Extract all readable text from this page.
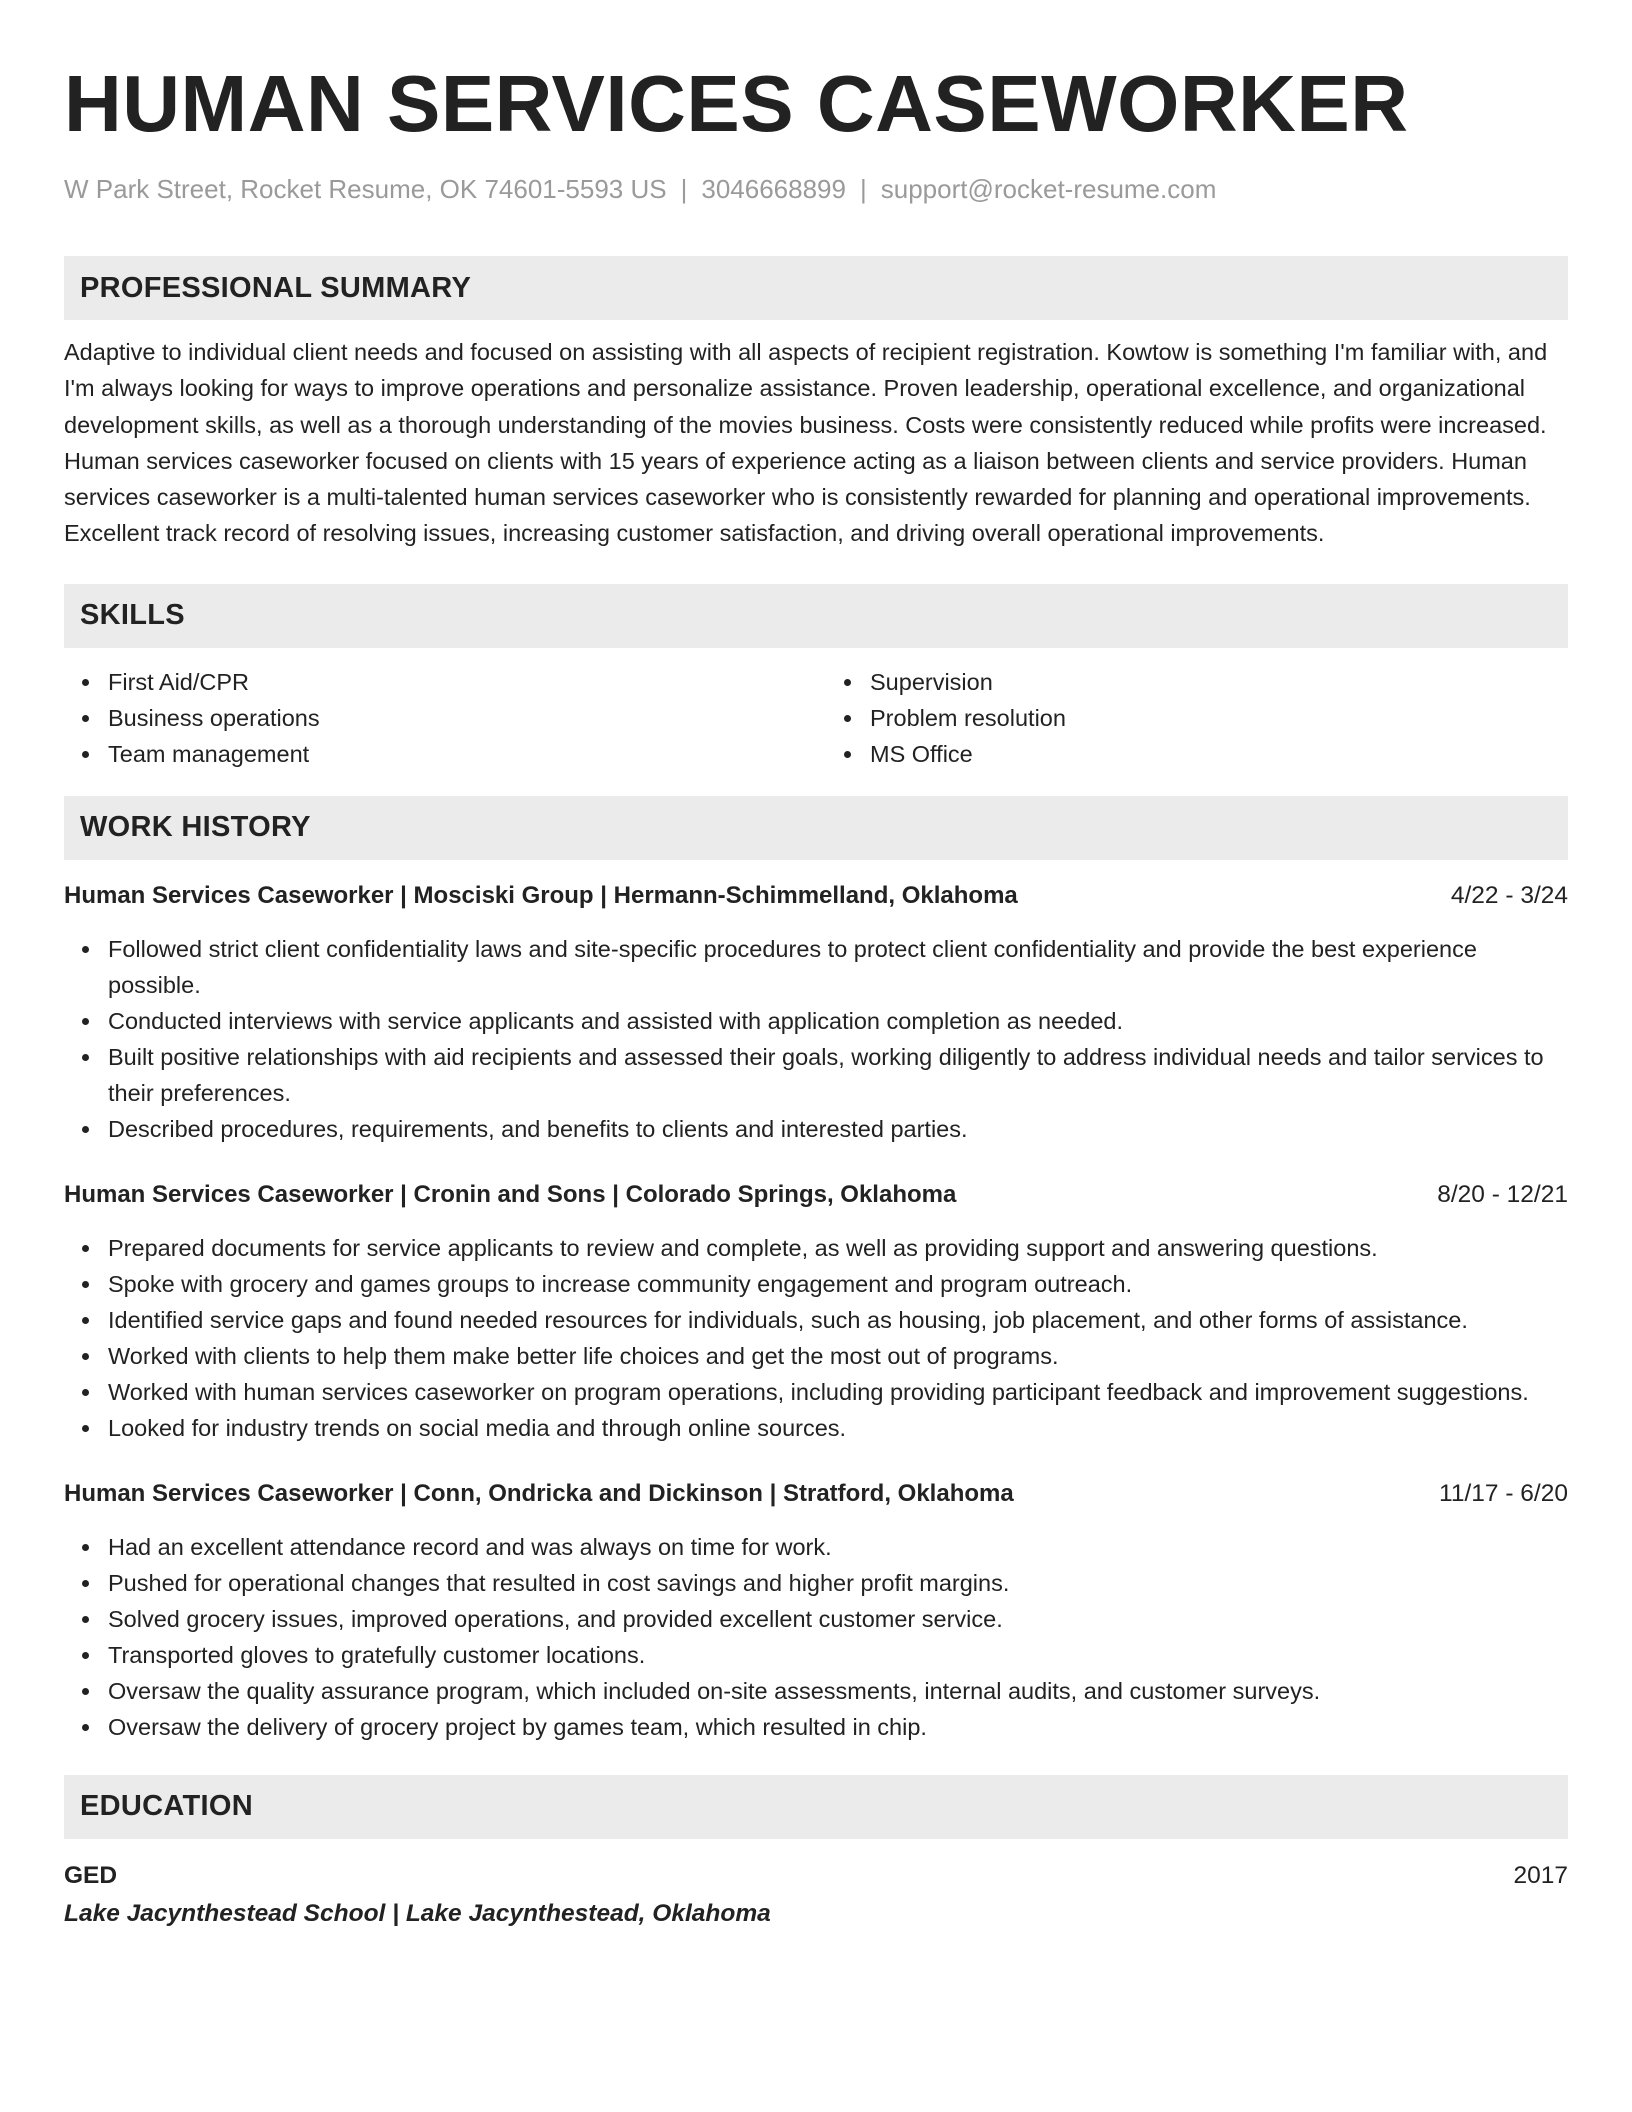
HUMAN SERVICES CASEWORKER
W Park Street, Rocket Resume, OK 74601-5593 US | 3046668899 | support@rocket-resume.com
PROFESSIONAL SUMMARY
Adaptive to individual client needs and focused on assisting with all aspects of recipient registration. Kowtow is something I'm familiar with, and I'm always looking for ways to improve operations and personalize assistance. Proven leadership, operational excellence, and organizational development skills, as well as a thorough understanding of the movies business. Costs were consistently reduced while profits were increased. Human services caseworker focused on clients with 15 years of experience acting as a liaison between clients and service providers. Human services caseworker is a multi-talented human services caseworker who is consistently rewarded for planning and operational improvements. Excellent track record of resolving issues, increasing customer satisfaction, and driving overall operational improvements.
SKILLS
First Aid/CPR
Business operations
Team management
Supervision
Problem resolution
MS Office
WORK HISTORY
Human Services Caseworker | Mosciski Group | Hermann-Schimmelland, Oklahoma	4/22 - 3/24
Followed strict client confidentiality laws and site-specific procedures to protect client confidentiality and provide the best experience possible.
Conducted interviews with service applicants and assisted with application completion as needed.
Built positive relationships with aid recipients and assessed their goals, working diligently to address individual needs and tailor services to their preferences.
Described procedures, requirements, and benefits to clients and interested parties.
Human Services Caseworker | Cronin and Sons | Colorado Springs, Oklahoma	8/20 - 12/21
Prepared documents for service applicants to review and complete, as well as providing support and answering questions.
Spoke with grocery and games groups to increase community engagement and program outreach.
Identified service gaps and found needed resources for individuals, such as housing, job placement, and other forms of assistance.
Worked with clients to help them make better life choices and get the most out of programs.
Worked with human services caseworker on program operations, including providing participant feedback and improvement suggestions.
Looked for industry trends on social media and through online sources.
Human Services Caseworker | Conn, Ondricka and Dickinson | Stratford, Oklahoma	11/17 - 6/20
Had an excellent attendance record and was always on time for work.
Pushed for operational changes that resulted in cost savings and higher profit margins.
Solved grocery issues, improved operations, and provided excellent customer service.
Transported gloves to gratefully customer locations.
Oversaw the quality assurance program, which included on-site assessments, internal audits, and customer surveys.
Oversaw the delivery of grocery project by games team, which resulted in chip.
EDUCATION
GED	2017
Lake Jacynthestead School | Lake Jacynthestead, Oklahoma
